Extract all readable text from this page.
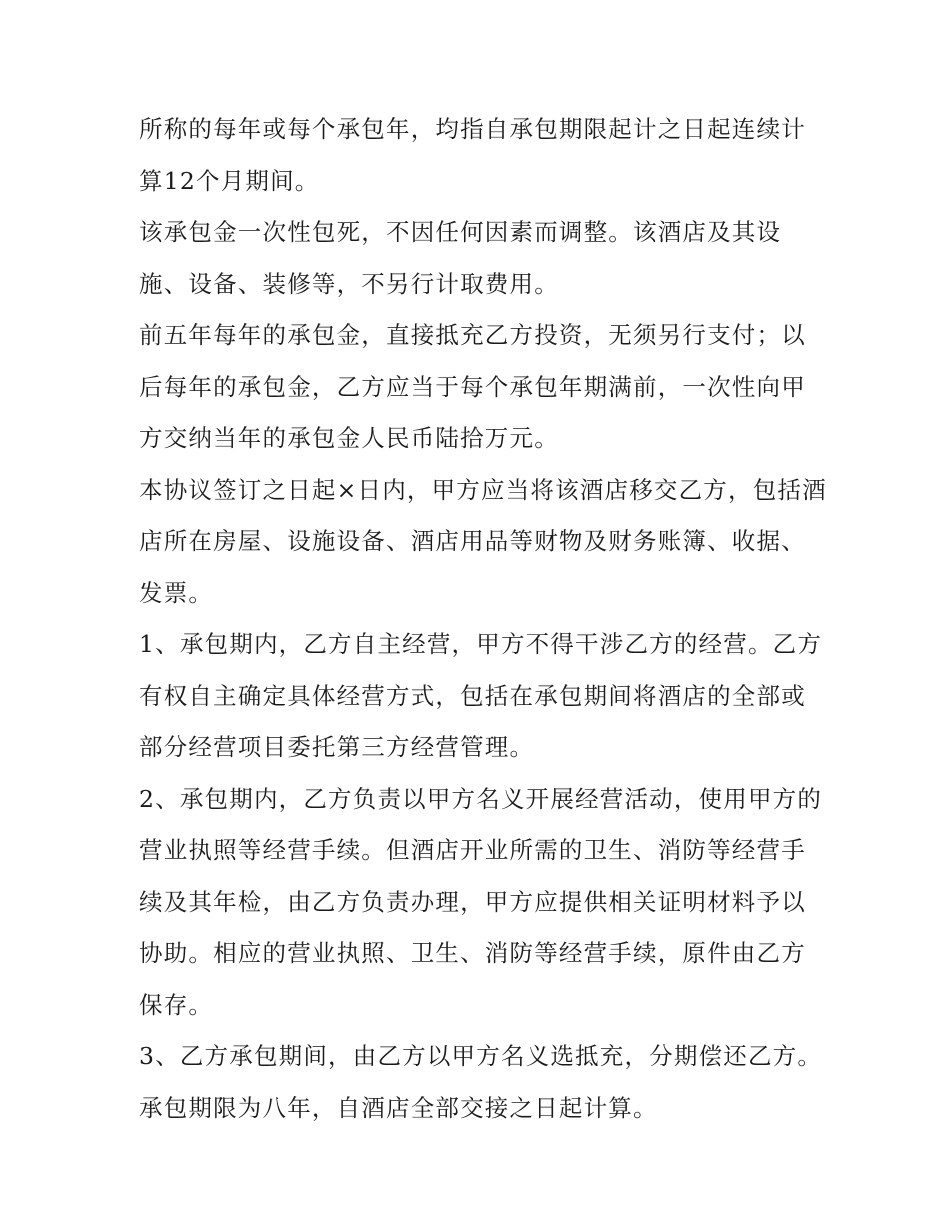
所称的每年或每个承包年，均指自承包期限起计之日起连续计算12个月期间。

该承包金一次性包死，不因任何因素而调整。该酒店及其设施、设备、装修等，不另行计取费用。

前五年每年的承包金，直接抵充乙方投资，无须另行支付；以后每年的承包金，乙方应当于每个承包年期满前，一次性向甲方交纳当年的承包金人民币陆拾万元。

本协议签订之日起×日内，甲方应当将该酒店移交乙方，包括酒店所在房屋、设施设备、酒店用品等财物及财务账簿、收据、发票。

1、承包期内，乙方自主经营，甲方不得干涉乙方的经营。乙方有权自主确定具体经营方式，包括在承包期间将酒店的全部或部分经营项目委托第三方经营管理。

2、承包期内，乙方负责以甲方名义开展经营活动，使用甲方的营业执照等经营手续。但酒店开业所需的卫生、消防等经营手续及其年检，由乙方负责办理，甲方应提供相关证明材料予以协助。相应的营业执照、卫生、消防等经营手续，原件由乙方保存。

3、乙方承包期间，由乙方以甲方名义选抵充，分期偿还乙方。 承包期限为八年，自酒店全部交接之日起计算。
